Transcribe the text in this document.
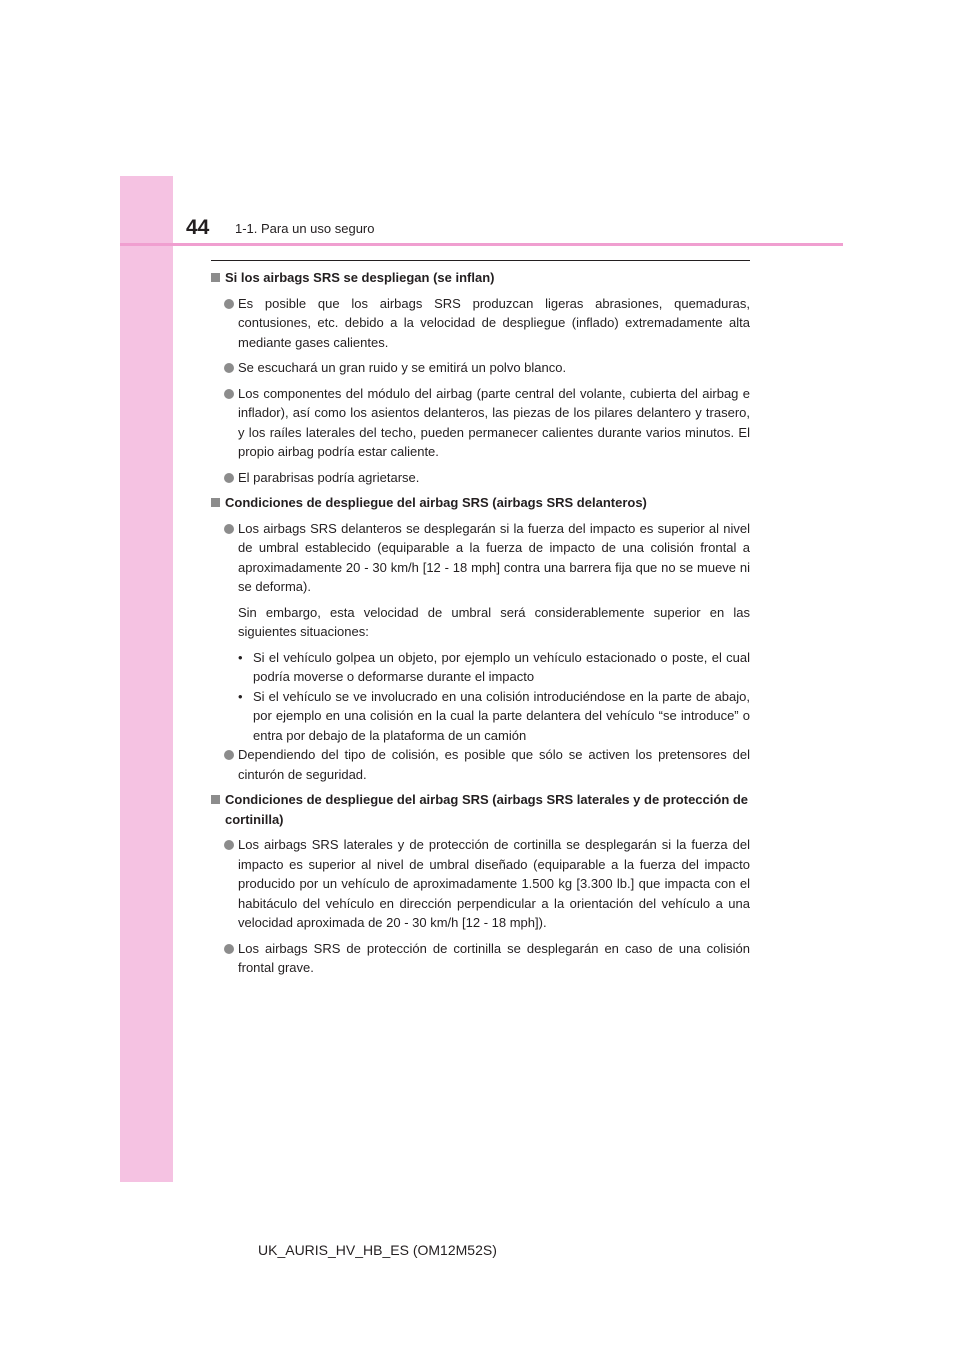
44 1-1. Para un uso seguro
Si los airbags SRS se despliegan (se inflan)
Es posible que los airbags SRS produzcan ligeras abrasiones, quemaduras, contusiones, etc. debido a la velocidad de despliegue (inflado) extremadamente alta mediante gases calientes.
Se escuchará un gran ruido y se emitirá un polvo blanco.
Los componentes del módulo del airbag (parte central del volante, cubierta del airbag e inflador), así como los asientos delanteros, las piezas de los pilares delantero y trasero, y los raíles laterales del techo, pueden permanecer calientes durante varios minutos. El propio airbag podría estar caliente.
El parabrisas podría agrietarse.
Condiciones de despliegue del airbag SRS (airbags SRS delanteros)
Los airbags SRS delanteros se desplegarán si la fuerza del impacto es superior al nivel de umbral establecido (equiparable a la fuerza de impacto de una colisión frontal a aproximadamente 20 - 30 km/h [12 - 18 mph] contra una barrera fija que no se mueve ni se deforma).
Sin embargo, esta velocidad de umbral será considerablemente superior en las siguientes situaciones:
• Si el vehículo golpea un objeto, por ejemplo un vehículo estacionado o poste, el cual podría moverse o deformarse durante el impacto
• Si el vehículo se ve involucrado en una colisión introduciéndose en la parte de abajo, por ejemplo en una colisión en la cual la parte delantera del vehículo “se introduce” o entra por debajo de la plataforma de un camión
Dependiendo del tipo de colisión, es posible que sólo se activen los pretensores del cinturón de seguridad.
Condiciones de despliegue del airbag SRS (airbags SRS laterales y de protección de cortinilla)
Los airbags SRS laterales y de protección de cortinilla se desplegarán si la fuerza del impacto es superior al nivel de umbral diseñado (equiparable a la fuerza del impacto producido por un vehículo de aproximadamente 1.500 kg [3.300 lb.] que impacta con el habitáculo del vehículo en dirección perpendicular a la orientación del vehículo a una velocidad aproximada de 20 - 30 km/h [12 - 18 mph]).
Los airbags SRS de protección de cortinilla se desplegarán en caso de una colisión frontal grave.
UK_AURIS_HV_HB_ES (OM12M52S)
